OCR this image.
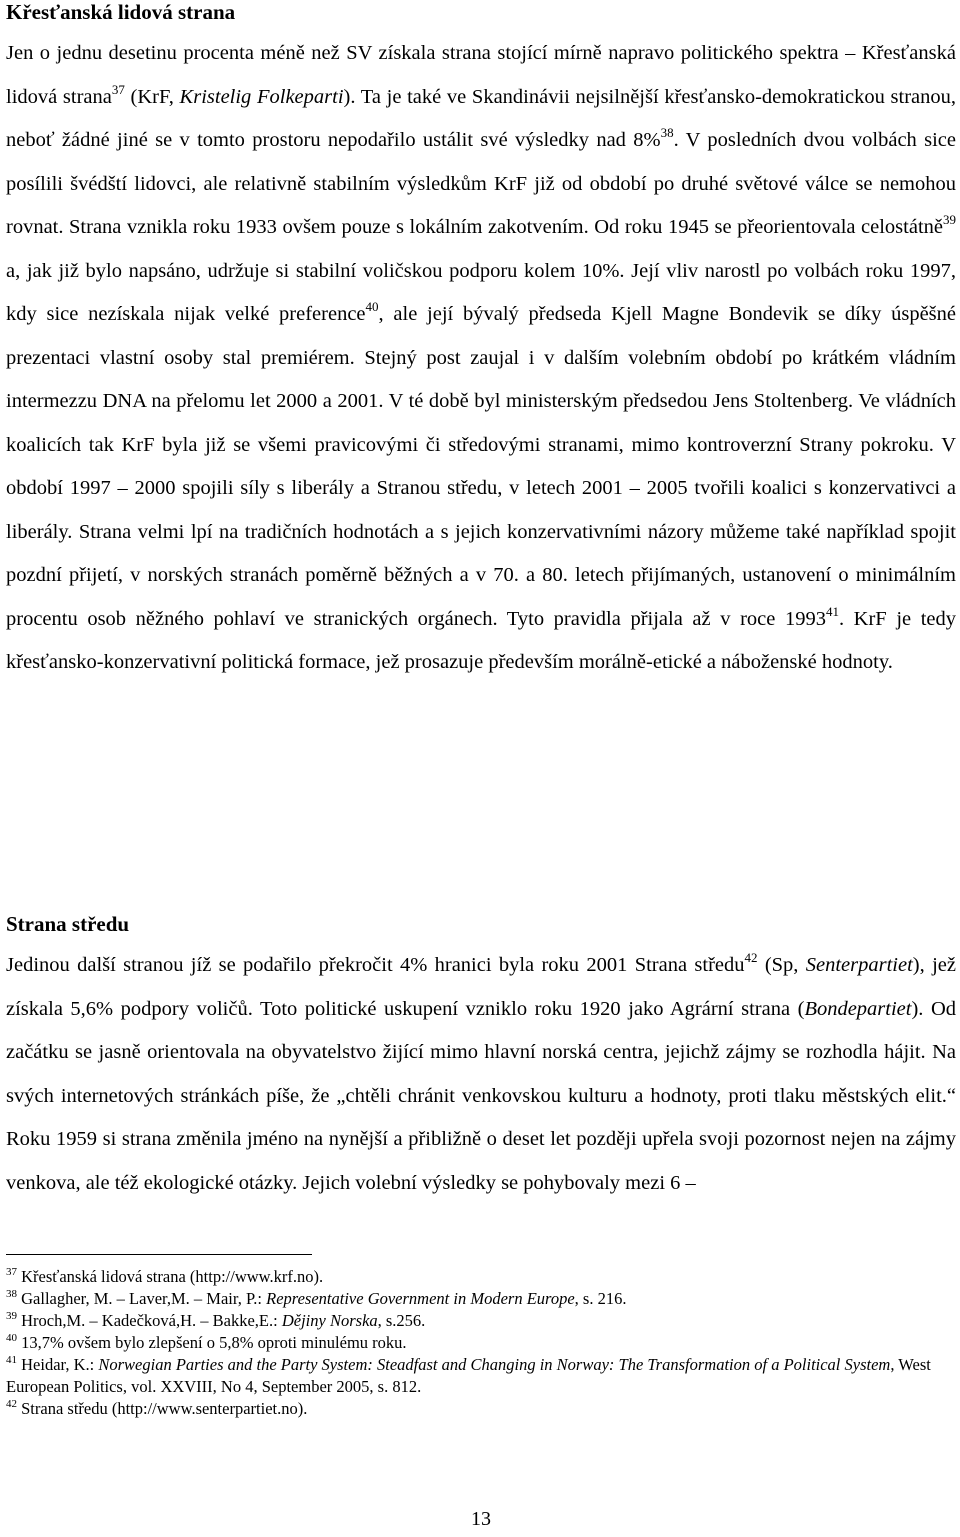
Křesťanská lidová strana

Jen o jednu desetinu procenta méně než SV získala strana stojící mírně napravo politického spektra – Křesťanská lidová strana$^{37}$ (KrF, Kristelig Folkeparti). Ta je také ve Skandinávii nejsilnější křesťansko-demokratickou stranou, neboť žádné jiné se v tomto prostoru nepodařilo ustálit své výsledky nad 8%$^{38}$. V posledních dvou volbách sice posílili švédští lidovci, ale relativně stabilním výsledkům KrF již od období po druhé světové válce se nemohou rovnat. Strana vznikla roku 1933 ovšem pouze s lokálním zakotvením. Od roku 1945 se přeorientovala celostátně$^{39}$ a, jak již bylo napsáno, udržuje si stabilní voličskou podporu kolem 10%. Její vliv narostl po volbách roku 1997, kdy sice nezískala nijak velké preference$^{40}$, ale její bývalý předseda Kjell Magne Bondevik se díky úspěšné prezentaci vlastní osoby stal premiérem. Stejný post zaujal i v dalším volebním období po krátkém vládním intermezzu DNA na přelomu let 2000 a 2001. V té době byl ministerským předsedou Jens Stoltenberg. Ve vládních koalicích tak KrF byla již se všemi pravicovými či středovými stranami, mimo kontroverzní Strany pokroku. V období 1997 – 2000 spojili síly s liberály a Stranou středu, v letech 2001 – 2005 tvořili koalici s konzervativci a liberály. Strana velmi lpí na tradičních hodnotách a s jejich konzervativními názory můžeme také například spojit pozdní přijetí, v norských stranách poměrně běžných a v 70. a 80. letech přijímaných, ustanovení o minimálním procentu osob něžného pohlaví ve stranických orgánech. Tyto pravidla přijala až v roce 1993$^{41}$. KrF je tedy křesťansko-konzervativní politická formace, jež prosazuje především morálně-etické a náboženské hodnoty.

Strana středu

Jedinou další stranou jíž se podařilo překročit 4% hranici byla roku 2001 Strana středu$^{42}$ (Sp, Senterpartiet), jež získala 5,6% podpory voličů. Toto politické uskupení vzniklo roku 1920 jako Agrární strana (Bondepartiet). Od začátku se jasně orientovala na obyvatelstvo žijící mimo hlavní norská centra, jejichž zájmy se rozhodla hájit. Na svých internetových stránkách píše, že „chtěli chránit venkovskou kulturu a hodnoty, proti tlaku městských elit.“ Roku 1959 si strana změnila jméno na nynější a přibližně o deset let později upřela svoji pozornost nejen na zájmy venkova, ale též ekologické otázky. Jejich volební výsledky se pohybovaly mezi 6 –

$^{37}$ Křesťanská lidová strana (http://www.krf.no).

$^{38}$ Gallagher, M. – Laver,M. – Mair, P.: Representative Government in Modern Europe, s. 216.

$^{39}$ Hroch,M. – Kadečková,H. – Bakke,E.: Dějiny Norska, s.256.

$^{40}$ 13,7% ovšem bylo zlepšení o 5,8% oproti minulému roku.

$^{41}$ Heidar, K.: Norwegian Parties and the Party System: Steadfast and Changing in Norway: The Transformation of a Political System, West European Politics, vol. XXVIII, No 4, September 2005, s. 812.

$^{42}$ Strana středu (http://www.senterpartiet.no).

13
